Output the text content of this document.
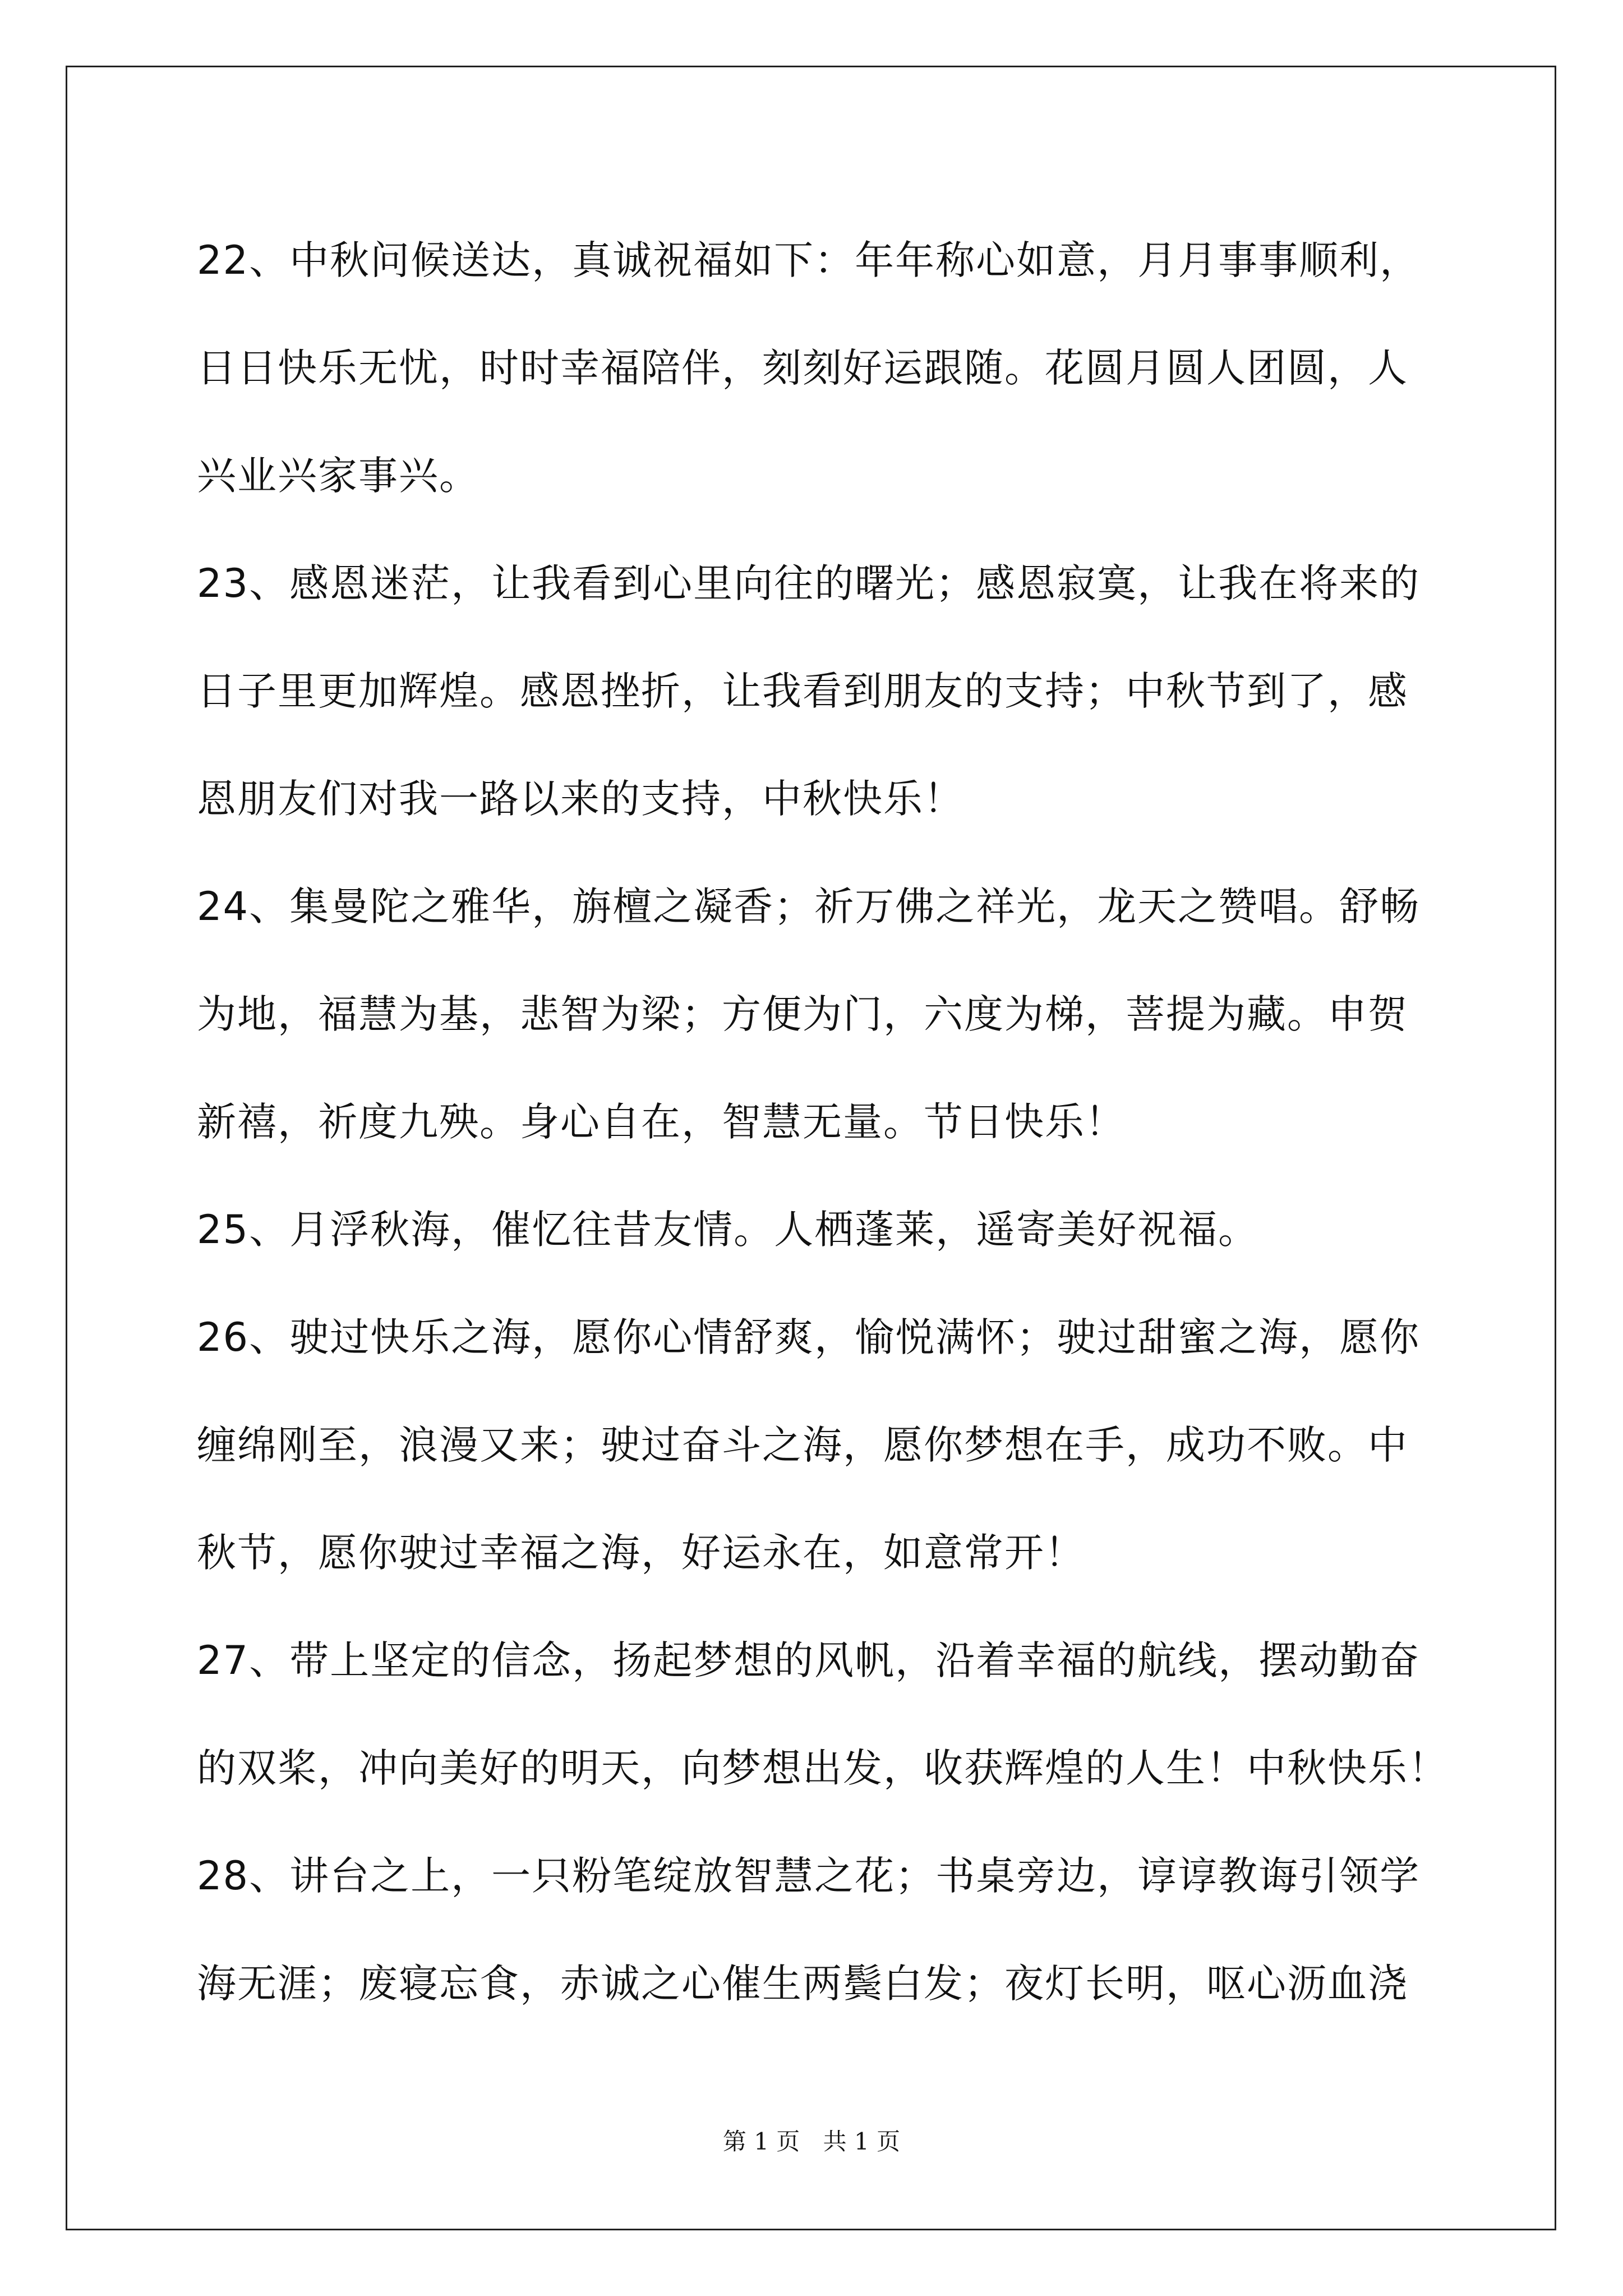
22、中秋问候送达，真诚祝福如下：年年称心如意，月月事事顺利，
日日快乐无忧，时时幸福陪伴，刻刻好运跟随。花圆月圆人团圆，人
兴业兴家事兴。
23、感恩迷茫，让我看到心里向往的曙光；感恩寂寞，让我在将来的
日子里更加辉煌。感恩挫折，让我看到朋友的支持；中秋节到了，感
恩朋友们对我一路以来的支持，中秋快乐！
24、集曼陀之雅华，旃檀之凝香；祈万佛之祥光，龙天之赞唱。舒畅
为地，福慧为基，悲智为梁；方便为门，六度为梯，菩提为藏。申贺
新禧，祈度九殃。身心自在，智慧无量。节日快乐！
25、月浮秋海，催忆往昔友情。人栖蓬莱，遥寄美好祝福。
26、驶过快乐之海，愿你心情舒爽，愉悦满怀；驶过甜蜜之海，愿你
缠绵刚至，浪漫又来；驶过奋斗之海，愿你梦想在手，成功不败。中
秋节，愿你驶过幸福之海，好运永在，如意常开！
27、带上坚定的信念，扬起梦想的风帆，沿着幸福的航线，摆动勤奋
的双桨，冲向美好的明天，向梦想出发，收获辉煌的人生！中秋快乐！
28、讲台之上，一只粉笔绽放智慧之花；书桌旁边，谆谆教诲引领学
海无涯；废寝忘食，赤诚之心催生两鬓白发；夜灯长明，呕心沥血浇
第 1 页 共 1 页
